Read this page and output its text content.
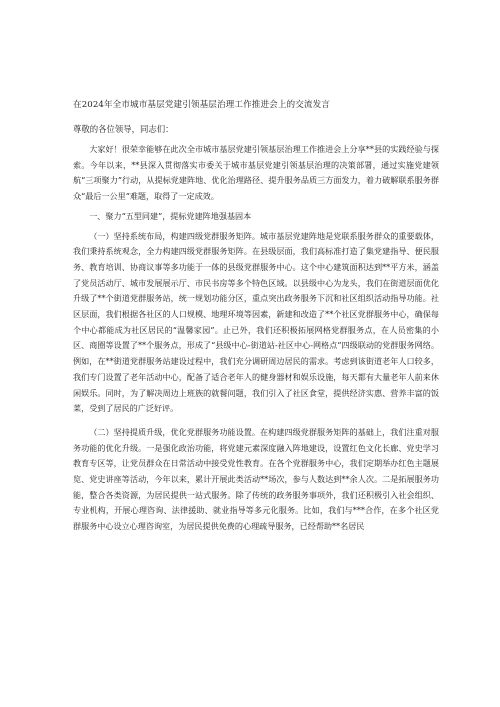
在2024年全市城市基层党建引领基层治理工作推进会上的交流发言
尊敬的各位领导，同志们：

大家好！很荣幸能够在此次全市城市基层党建引领基层治理工作推进会上分享**县的实践经验与探索。今年以来，**县深入贯彻落实市委关于城市基层党建引领基层治理的决策部署，通过实施党建领航“三项聚力”行动，从提标党建阵地、优化治理路径、提升服务品质三方面发力，着力破解联系服务群众“最后一公里”难题，取得了一定成效。

一、聚力“五型同建”，提标党建阵地强基固本

（一）坚持系统布局，构建四级党群服务矩阵。城市基层党建阵地是党联系服务群众的重要载体，我们秉持系统观念，全力构建四级党群服务矩阵。在县级层面，我们高标准打造了集党建指导、便民服务、教育培训、协商议事等多功能于一体的县级党群服务中心。这个中心建筑面积达到**平方米，涵盖了党员活动厅、城市发展展示厅、市民书房等多个特色区域。以县级中心为龙头，我们在街道层面优化升级了**个街道党群服务站，统一规划功能分区，重点突出政务服务下沉和社区组织活动指导功能。社区层面，我们根据各社区的人口规模、地理环境等因素，新建和改造了**个社区党群服务中心，确保每个中心都能成为社区居民的“温馨家园”。止已外，我们还积极拓展网格党群服务点，在人员密集的小区、商圈等设置了**个服务点，形成了“县级中心-街道站-社区中心-网格点”四级联动的党群服务网络。例如，在**街道党群服务站建设过程中，我们充分调研周边居民的需求。考虑到该街道老年人口较多，我们专门设置了老年活动中心，配备了适合老年人的健身器材和娱乐设施，每天都有大量老年人前来休闲娱乐。同时，为了解决周边上班族的就餐问题，我们引入了社区食堂，提供经济实惠、营养丰富的饭菜，受到了居民的广泛好评。

（二）坚持提质升级，优化党群服务功能设置。在构建四级党群服务矩阵的基础上，我们注重对服务功能的优化升级。一是强化政治功能，将党建元素深度融入阵地建设，设置红色文化长廊、党史学习教育专区等，让党员群众在日常活动中接受党性教育。在各个党群服务中心，我们定期举办红色主题展览、党史讲座等活动，今年以来，累计开展此类活动**场次，参与人数达到**余人次。二是拓展服务功能，整合各类资源，为居民提供一站式服务。除了传统的政务服务事项外，我们还积极引入社会组织、专业机构，开展心理咨询、法律援助、就业指导等多元化服务。比如，我们与***合作，在多个社区党群服务中心设立心理咨询室，为居民提供免费的心理疏导服务，已经帮助**名居民
